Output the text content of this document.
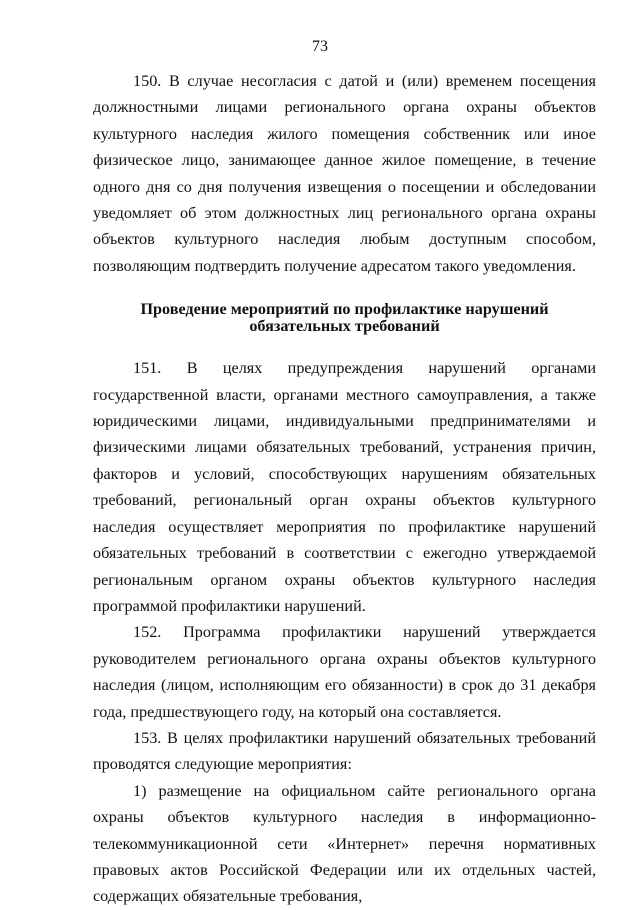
73

150. В случае несогласия с датой и (или) временем посещения должностными лицами регионального органа охраны объектов культурного наследия жилого помещения собственник или иное физическое лицо, занимающее данное жилое помещение, в течение одного дня со дня получения извещения о посещении и обследовании уведомляет об этом должностных лиц регионального органа охраны объектов культурного наследия любым доступным способом, позволяющим подтвердить получение адресатом такого уведомления.

Проведение мероприятий по профилактике нарушений обязательных требований

151. В целях предупреждения нарушений органами государственной власти, органами местного самоуправления, а также юридическими лицами, индивидуальными предпринимателями и физическими лицами обязательных требований, устранения причин, факторов и условий, способствующих нарушениям обязательных требований, региональный орган охраны объектов культурного наследия осуществляет мероприятия по профилактике нарушений обязательных требований в соответствии с ежегодно утверждаемой региональным органом охраны объектов культурного наследия программой профилактики нарушений.

152. Программа профилактики нарушений утверждается руководителем регионального органа охраны объектов культурного наследия (лицом, исполняющим его обязанности) в срок до 31 декабря года, предшествующего году, на который она составляется.

153. В целях профилактики нарушений обязательных требований проводятся следующие мероприятия:

1) размещение на официальном сайте регионального органа охраны объектов культурного наследия в информационно-телекоммуникационной сети «Интернет» перечня нормативных правовых актов Российской Федерации или их отдельных частей, содержащих обязательные требования,
